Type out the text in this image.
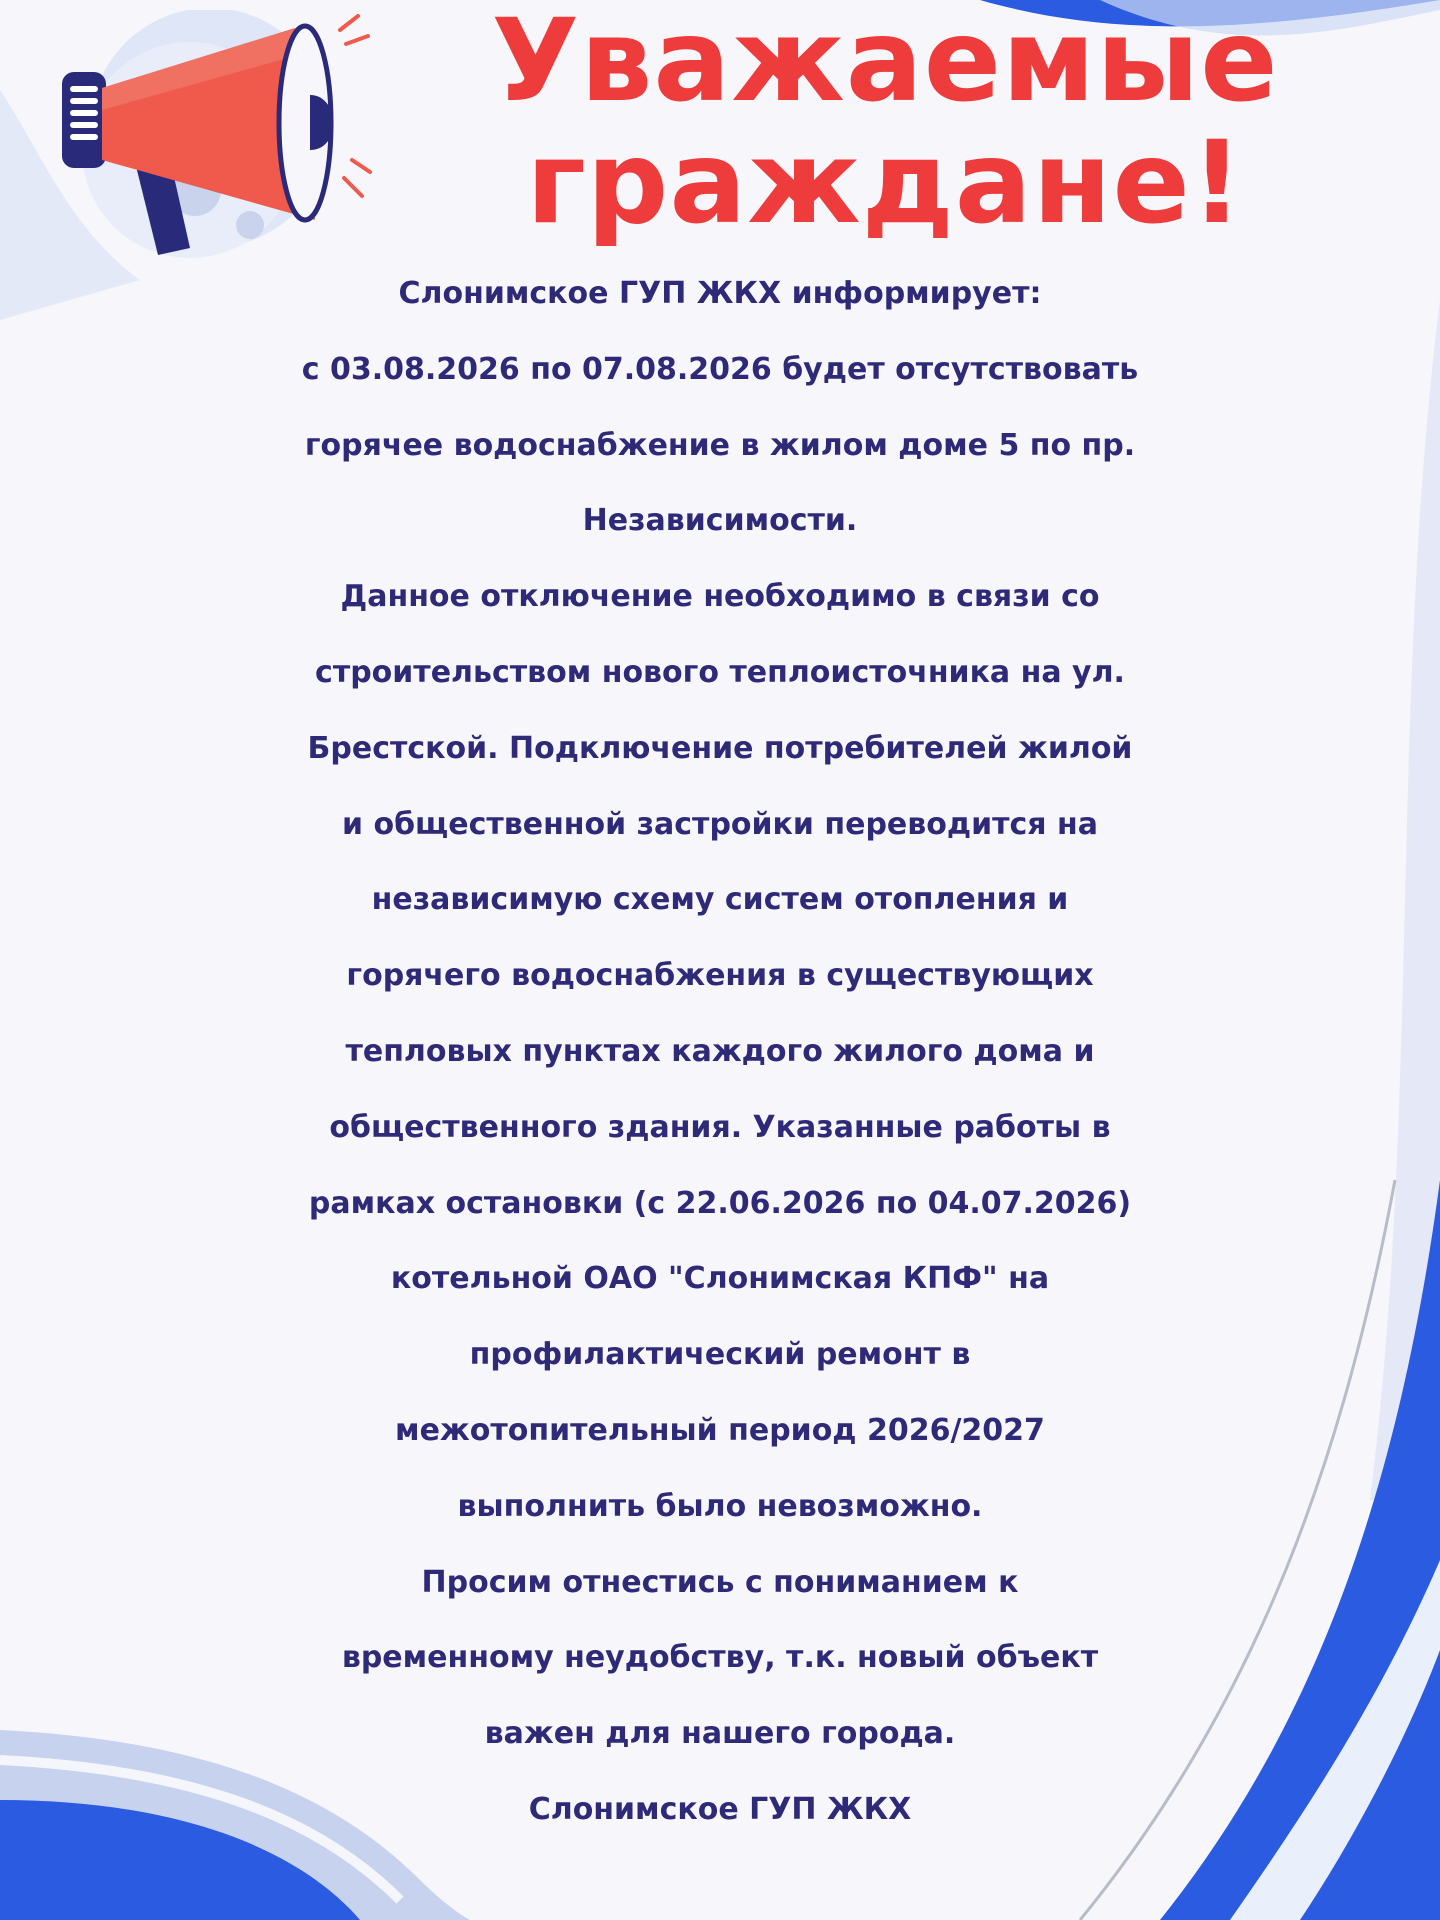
Уважаемые
граждане!
Слонимское ГУП ЖКХ информирует:
с 03.08.2026 по 07.08.2026 будет отсутствовать
горячее водоснабжение в жилом доме 5 по пр.
Независимости.
Данное отключение необходимо в связи со
строительством нового теплоисточника на ул.
Брестской. Подключение потребителей жилой
и общественной застройки переводится на
независимую схему систем отопления и
горячего водоснабжения в существующих
тепловых пунктах каждого жилого дома и
общественного здания. Указанные работы в
рамках остановки (с 22.06.2026 по 04.07.2026)
котельной ОАО "Слонимская КПФ" на
профилактический ремонт в
межотопительный период 2026/2027
выполнить было невозможно.
Просим отнестись с пониманием к
временному неудобству, т.к. новый объект
важен для нашего города.
Слонимское ГУП ЖКХ
